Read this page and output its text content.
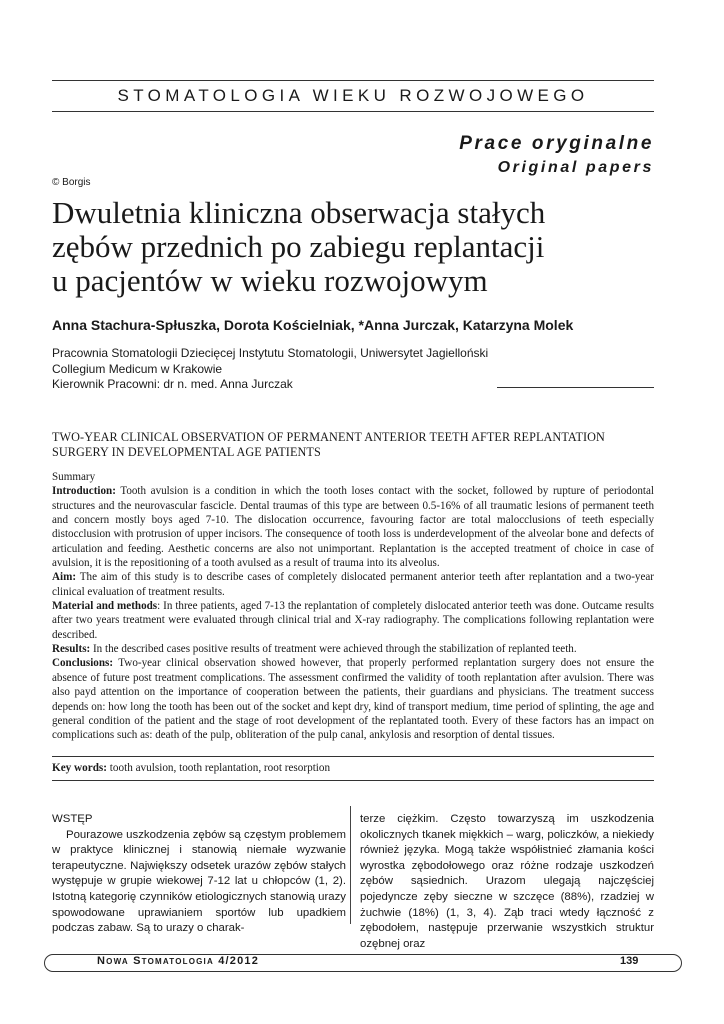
STOMATOLOGIA WIEKU ROZWOJOWEGO
Prace oryginalne
Original papers
© Borgis
Dwuletnia kliniczna obserwacja stałych
zębów przednich po zabiegu replantacji
u pacjentów w wieku rozwojowym
Anna Stachura-Spłuszka, Dorota Kościelniak, *Anna Jurczak, Katarzyna Molek
Pracownia Stomatologii Dziecięcej Instytutu Stomatologii, Uniwersytet Jagielloński
Collegium Medicum w Krakowie
Kierownik Pracowni: dr n. med. Anna Jurczak
TWO-YEAR CLINICAL OBSERVATION OF PERMANENT ANTERIOR TEETH AFTER REPLANTATION
SURGERY IN DEVELOPMENTAL AGE PATIENTS

Summary

Introduction: Tooth avulsion is a condition in which the tooth loses contact with the socket, followed by rupture of periodontal structures and the neurovascular fascicle. Dental traumas of this type are between 0.5-16% of all traumatic lesions of permanent teeth and concern mostly boys aged 7-10. The dislocation occurrence, favouring factor are total malocclusions of teeth especially distocclusion with protrusion of upper incisors. The consequence of tooth loss is underdevelopment of the alveolar bone and defects of articulation and feeding. Aesthetic concerns are also not unimportant. Replantation is the accepted treatment of choice in case of avulsion, it is the repositioning of a tooth avulsed as a result of trauma into its alveolus.

Aim: The aim of this study is to describe cases of completely dislocated permanent anterior teeth after replantation and a two-year clinical evaluation of treatment results.

Material and methods: In three patients, aged 7-13 the replantation of completely dislocated anterior teeth was done. Outcame results after two years treatment were evaluated through clinical trial and X-ray radiography. The complications following replantation were described.

Results: In the described cases positive results of treatment were achieved through the stabilization of replanted teeth.

Conclusions: Two-year clinical observation showed however, that properly performed replantation surgery does not ensure the absence of future post treatment complications. The assessment confirmed the validity of tooth replantation after avulsion. There was also payd attention on the importance of cooperation between the patients, their guardians and physicians. The treatment success depends on: how long the tooth has been out of the socket and kept dry, kind of transport medium, time period of splinting, the age and general condition of the patient and the stage of root development of the replantated tooth. Every of these factors has an impact on complications such as: death of the pulp, obliteration of the pulp canal, ankylosis and resorption of dental tissues.

Key words: tooth avulsion, tooth replantation, root resorption

WSTĘP

Pourazowe uszkodzenia zębów są częstym problemem w praktyce klinicznej i stanowią niemałe wyzwanie terapeutyczne. Największy odsetek urazów zębów stałych występuje w grupie wiekowej 7-12 lat u chłopców (1, 2). Istotną kategorię czynników etiologicznych stanowią urazy spowodowane uprawianiem sportów lub upadkiem podczas zabaw. Są to urazy o charak-

terze ciężkim. Często towarzyszą im uszkodzenia okolicznych tkanek miękkich – warg, policzków, a niekiedy również języka. Mogą także współistnieć złamania kości wyrostka zębodołowego oraz różne rodzaje uszkodzeń zębów sąsiednich. Urazom ulegają najczęściej pojedyncze zęby sieczne w szczęce (88%), rzadziej w żuchwie (18%) (1, 3, 4). Ząb traci wtedy łączność z zębodołem, następuje przerwanie wszystkich struktur ozębnej oraz

Nowa Stomatologia 4/2012	139
